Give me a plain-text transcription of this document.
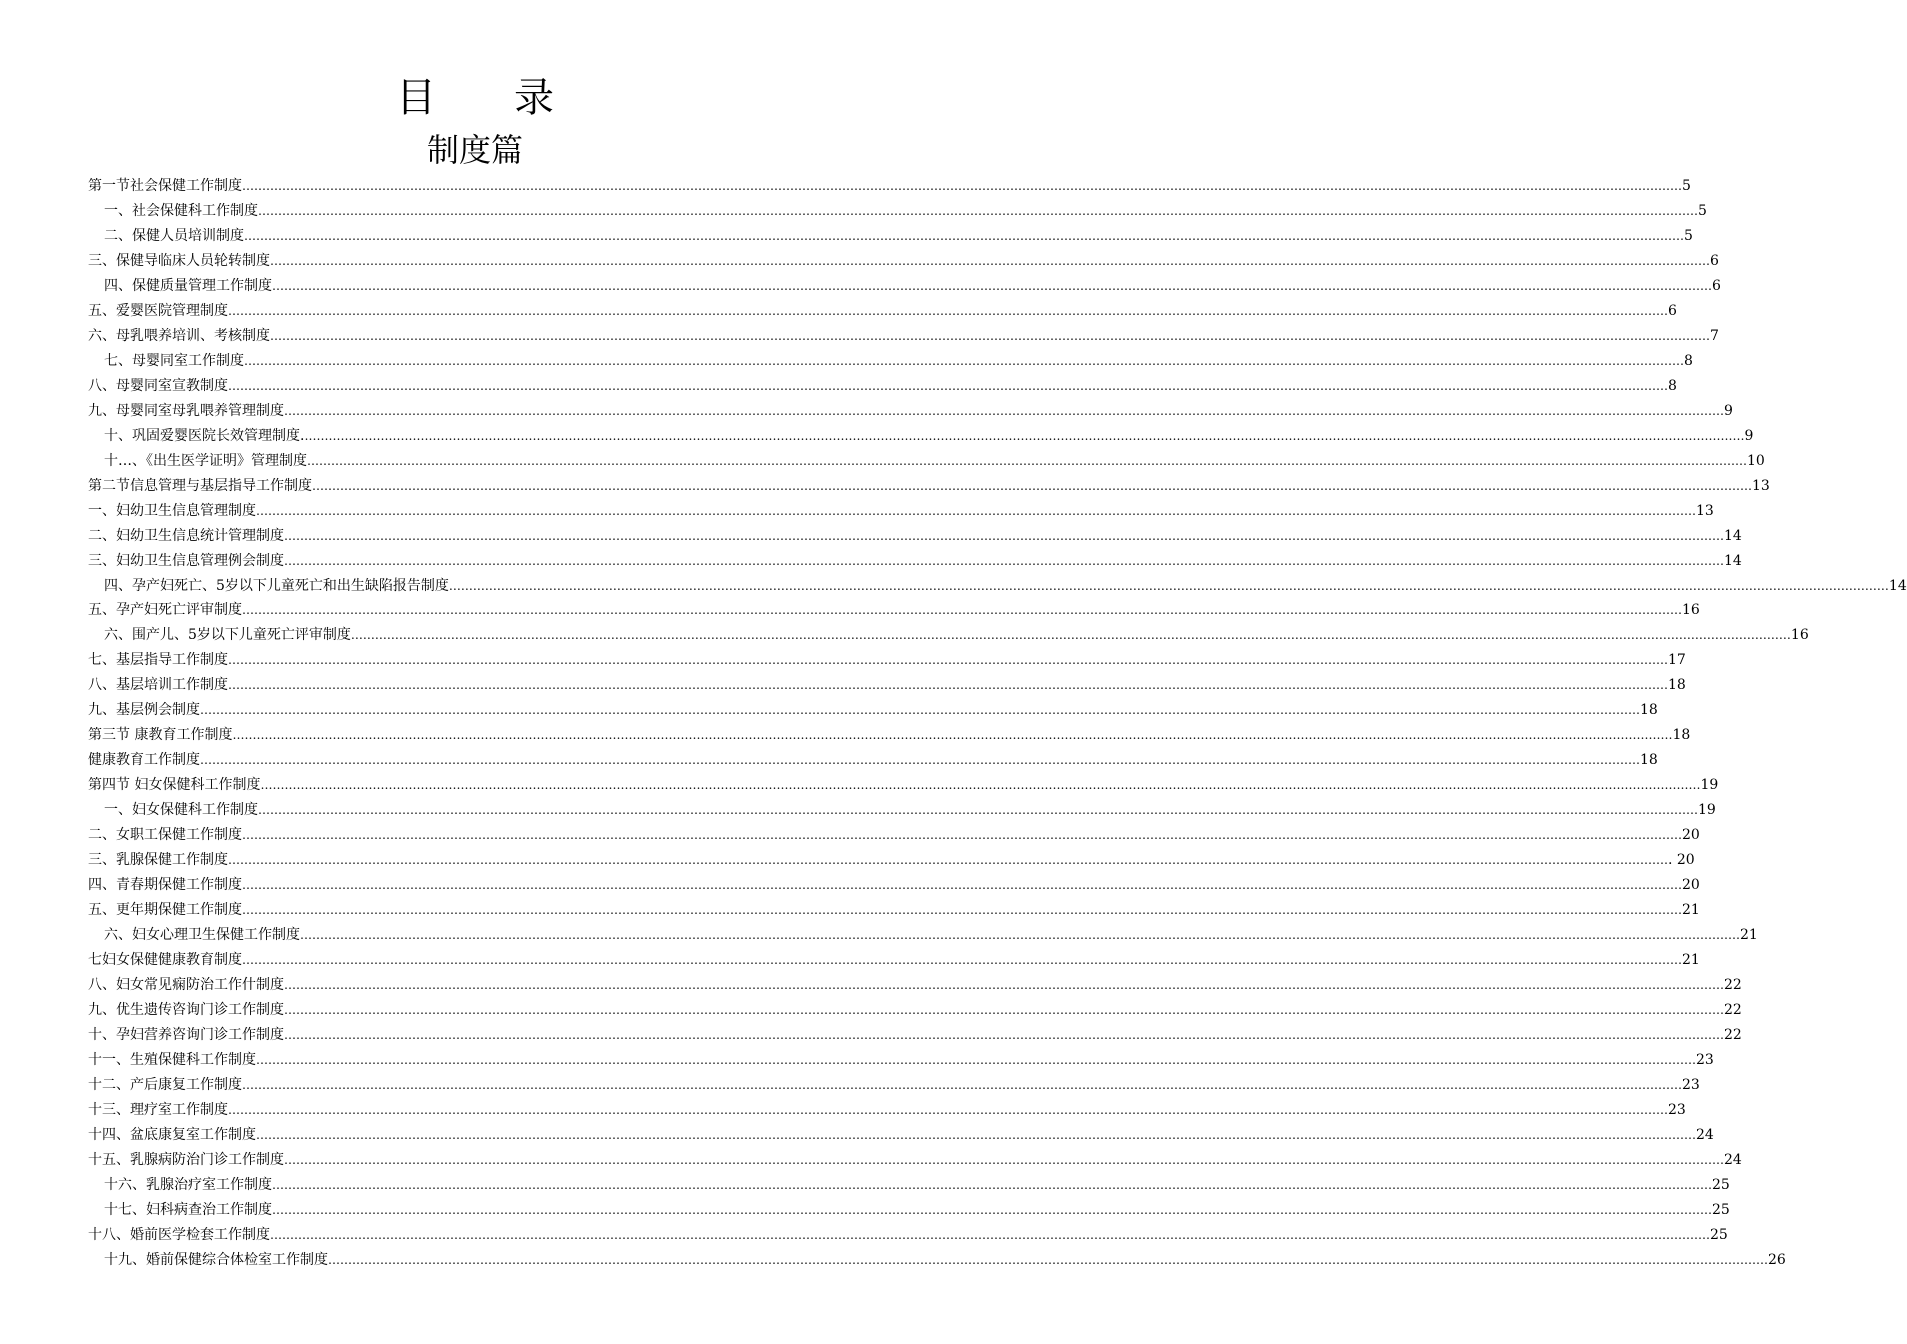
目 录
制度篇
第一节社会保健工作制度 ……………………………………………………………………………………………………………………………………………………………………………………………………………………………………………………………………………………………………………………………… 5
一、社会保健科工作制度 ……………………………………………………………………………………………………………………………………………………………………………………………………………………………………………………………………………………………………………………………… 5
二、保健人员培训制度 ……………………………………………………………………………………………………………………………………………………………………………………………………………………………………………………………………………………………………………………………… 5
三、保健导临床人员轮转制度 ……………………………………………………………………………………………………………………………………………………………………………………………………………………………………………………………………………………………………………………………… 6
四、保健质量管理工作制度 ……………………………………………………………………………………………………………………………………………………………………………………………………………………………………………………………………………………………………………………………… 6
五、爱婴医院管理制度 ……………………………………………………………………………………………………………………………………………………………………………………………………………………………………………………………………………………………………………………………… 6
六、母乳喂养培训、考核制度 ……………………………………………………………………………………………………………………………………………………………………………………………………………………………………………………………………………………………………………………………… 7
七、母婴同室工作制度 ……………………………………………………………………………………………………………………………………………………………………………………………………………………………………………………………………………………………………………………………… 8
八、母婴同室宣教制度 ……………………………………………………………………………………………………………………………………………………………………………………………………………………………………………………………………………………………………………………………… 8
九、母婴同室母乳喂养管理制度 ……………………………………………………………………………………………………………………………………………………………………………………………………………………………………………………………………………………………………………………………… 9
十、巩固爱婴医院长效管理制度. ……………………………………………………………………………………………………………………………………………………………………………………………………………………………………………………………………………………………………………………………… 9
十…、《出生医学证明》管理制度 ……………………………………………………………………………………………………………………………………………………………………………………………………………………………………………………………………………………………………………………………… 10
第二节信息管理与基层指导工作制度 ……………………………………………………………………………………………………………………………………………………………………………………………………………………………………………………………………………………………………………………………… 13
一、妇幼卫生信息管理制度 ……………………………………………………………………………………………………………………………………………………………………………………………………………………………………………………………………………………………………………………………… 13
二、妇幼卫生信息统计管理制度 ……………………………………………………………………………………………………………………………………………………………………………………………………………………………………………………………………………………………………………………………… 14
三、妇幼卫生信息管理例会制度 ……………………………………………………………………………………………………………………………………………………………………………………………………………………………………………………………………………………………………………………………… 14
四、孕产妇死亡、5岁以下儿童死亡和出生缺陷报告制度 ……………………………………………………………………………………………………………………………………………………………………………………………………………………………………………………………………………………………………………………………… 14
五、孕产妇死亡评审制度 ……………………………………………………………………………………………………………………………………………………………………………………………………………………………………………………………………………………………………………………………… 16
六、围产儿、5岁以下儿童死亡评审制度 ……………………………………………………………………………………………………………………………………………………………………………………………………………………………………………………………………………………………………………………………… 16
七、基层指导工作制度 ……………………………………………………………………………………………………………………………………………………………………………………………………………………………………………………………………………………………………………………………… 17
八、基层培训工作制度 ……………………………………………………………………………………………………………………………………………………………………………………………………………………………………………………………………………………………………………………………… 18
九、基层例会制度 ……………………………………………………………………………………………………………………………………………………………………………………………………………………………………………………………………………………………………………………………… 18
第三节 康教育工作制度 ……………………………………………………………………………………………………………………………………………………………………………………………………………………………………………………………………………………………………………………………… 18
健康教育工作制度 ……………………………………………………………………………………………………………………………………………………………………………………………………………………………………………………………………………………………………………………………… 18
第四节 妇女保健科工作制度 ……………………………………………………………………………………………………………………………………………………………………………………………………………………………………………………………………………………………………………………………… 19
一、妇女保健科工作制度 ……………………………………………………………………………………………………………………………………………………………………………………………………………………………………………………………………………………………………………………………… 19
二、女职工保健工作制度 ……………………………………………………………………………………………………………………………………………………………………………………………………………………………………………………………………………………………………………………………… 20
三、乳腺保健工作制度 ……………………………………………………………………………………………………………………………………………………………………………………………………………………………………………………………………………………………………………………………… . 20
四、青春期保健工作制度 ……………………………………………………………………………………………………………………………………………………………………………………………………………………………………………………………………………………………………………………………… 20
五、更年期保健工作制度 ……………………………………………………………………………………………………………………………………………………………………………………………………………………………………………………………………………………………………………………………… 21
六、妇女心理卫生保健工作制度 ……………………………………………………………………………………………………………………………………………………………………………………………………………………………………………………………………………………………………………………………… 21
七妇女保健健康教育制度 ……………………………………………………………………………………………………………………………………………………………………………………………………………………………………………………………………………………………………………………………… 21
八、妇女常见痫防治工作什制度 ……………………………………………………………………………………………………………………………………………………………………………………………………………………………………………………………………………………………………………………………… 22
九、优生遗传咨询门诊工作制度 ……………………………………………………………………………………………………………………………………………………………………………………………………………………………………………………………………………………………………………………………… 22
十、孕妇营养咨询门诊工作制度 ……………………………………………………………………………………………………………………………………………………………………………………………………………………………………………………………………………………………………………………………… 22
十一、生殖保健科工作制度 ……………………………………………………………………………………………………………………………………………………………………………………………………………………………………………………………………………………………………………………………… 23
十二、产后康复工作制度 ……………………………………………………………………………………………………………………………………………………………………………………………………………………………………………………………………………………………………………………………… 23
十三、理疗室工作制度 ……………………………………………………………………………………………………………………………………………………………………………………………………………………………………………………………………………………………………………………………… 23
十四、盆底康复室工作制度 ……………………………………………………………………………………………………………………………………………………………………………………………………………………………………………………………………………………………………………………………… 24
十五、乳腺病防治门诊工作制度 ……………………………………………………………………………………………………………………………………………………………………………………………………………………………………………………………………………………………………………………………… 24
十六、乳腺治疗室工作制度 ……………………………………………………………………………………………………………………………………………………………………………………………………………………………………………………………………………………………………………………………… 25
十七、妇科病查治工作制度 ……………………………………………………………………………………………………………………………………………………………………………………………………………………………………………………………………………………………………………………………… 25
十八、婚前医学检套工作制度 ……………………………………………………………………………………………………………………………………………………………………………………………………………………………………………………………………………………………………………………………… 25
十九、婚前保健综合体检室工作制度 ……………………………………………………………………………………………………………………………………………………………………………………………………………………………………………………………………………………………………………………………… 26
